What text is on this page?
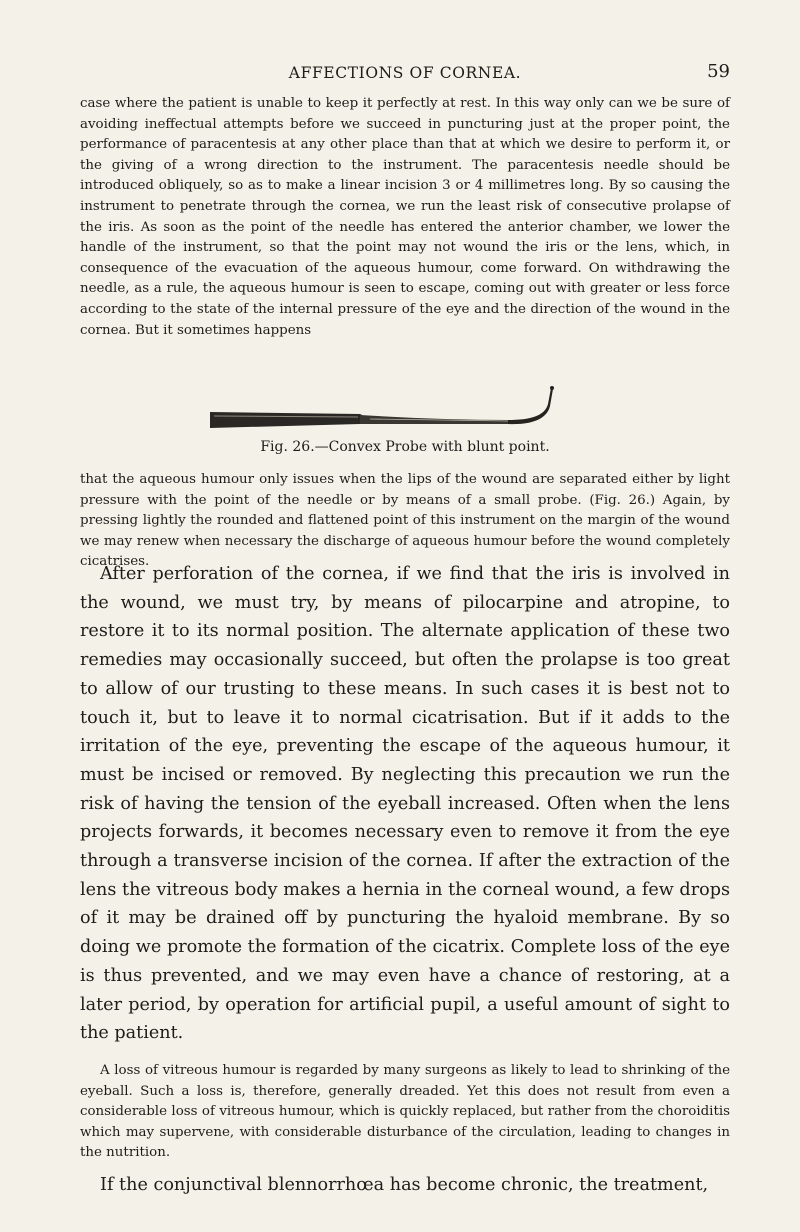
AFFECTIONS OF CORNEA.	59

case where the patient is unable to keep it perfectly at rest. In this way only can we be sure of avoiding ineffectual attempts before we succeed in puncturing just at the proper point, the performance of paracentesis at any other place than that at which we desire to perform it, or the giving of a wrong direction to the instrument. The paracentesis needle should be introduced obliquely, so as to make a linear incision 3 or 4 millimetres long. By so causing the instrument to penetrate through the cornea, we run the least risk of consecutive prolapse of the iris. As soon as the point of the needle has entered the anterior chamber, we lower the handle of the instrument, so that the point may not wound the iris or the lens, which, in consequence of the evacuation of the aqueous humour, come forward. On withdrawing the needle, as a rule, the aqueous humour is seen to escape, coming out with greater or less force according to the state of the internal pressure of the eye and the direction of the wound in the cornea. But it sometimes happens

Fig. 26.—Convex Probe with blunt point.

that the aqueous humour only issues when the lips of the wound are separated either by light pressure with the point of the needle or by means of a small probe. (Fig. 26.) Again, by pressing lightly the rounded and flattened point of this instrument on the margin of the wound we may renew when necessary the discharge of aqueous humour before the wound completely cicatrises.

After perforation of the cornea, if we find that the iris is involved in the wound, we must try, by means of pilocarpine and atropine, to restore it to its normal position. The alternate application of these two remedies may occasionally succeed, but often the prolapse is too great to allow of our trusting to these means. In such cases it is best not to touch it, but to leave it to normal cicatrisation. But if it adds to the irritation of the eye, preventing the escape of the aqueous humour, it must be incised or removed. By neglecting this precaution we run the risk of having the tension of the eyeball increased. Often when the lens projects forwards, it becomes necessary even to remove it from the eye through a transverse incision of the cornea. If after the extraction of the lens the vitreous body makes a hernia in the corneal wound, a few drops of it may be drained off by puncturing the hyaloid membrane. By so doing we promote the formation of the cicatrix. Complete loss of the eye is thus prevented, and we may even have a chance of restoring, at a later period, by operation for artificial pupil, a useful amount of sight to the patient.

A loss of vitreous humour is regarded by many surgeons as likely to lead to shrinking of the eyeball. Such a loss is, therefore, generally dreaded. Yet this does not result from even a considerable loss of vitreous humour, which is quickly replaced, but rather from the choroiditis which may supervene, with considerable disturbance of the circulation, leading to changes in the nutrition.

If the conjunctival blennorrhœa has become chronic, the treatment,
